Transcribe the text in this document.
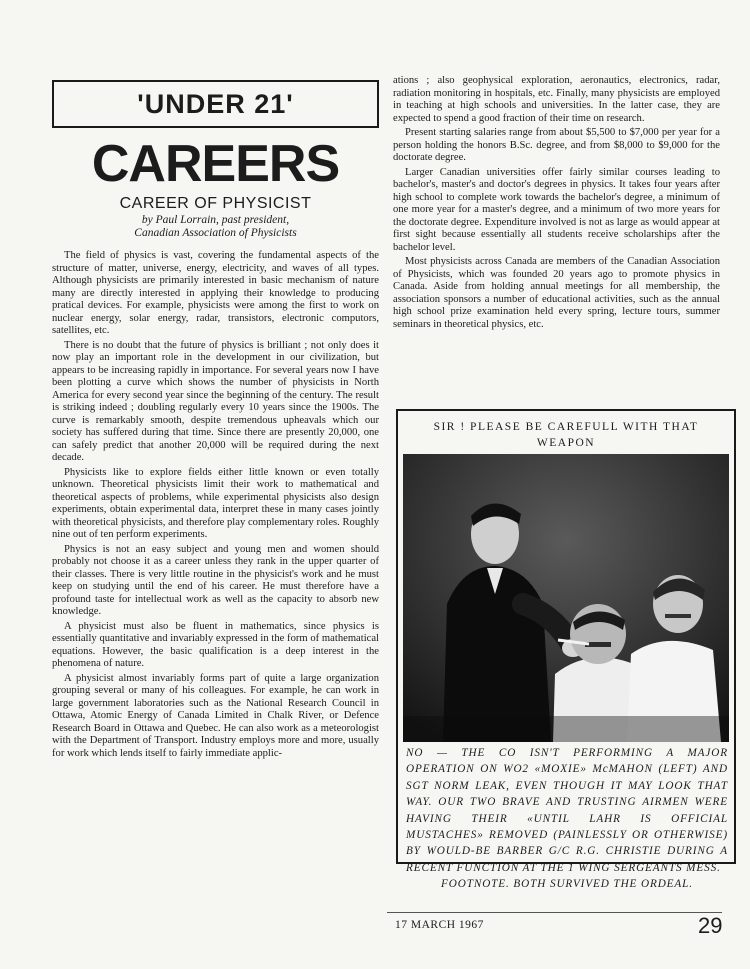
'UNDER 21'
CAREERS
CAREER OF PHYSICIST
by Paul Lorrain, past president,
Canadian Association of Physicists

The field of physics is vast, covering the fundamental aspects of the structure of matter, universe, energy, electricity, and waves of all types. Although physicists are primarily interested in basic mechanism of nature many are directly interested in applying their knowledge to producing pratical devices. For example, physicists were among the first to work on nuclear energy, solar energy, radar, transistors, electronic computors, satellites, etc.

There is no doubt that the future of physics is brilliant ; not only does it now play an important role in the development in our civilization, but appears to be increasing rapidly in importance. For several years now I have been plotting a curve which shows the number of physicists in North America for every second year since the beginning of the century. The result is striking indeed ; doubling regularly every 10 years since the 1900s. The curve is remarkably smooth, despite tremendous upheavals which our society has suffered during that time. Since there are presently 20,000, one can safely predict that another 20,000 will be required during the next decade.

Physicists like to explore fields either little known or even totally unknown. Theoretical physicists limit their work to mathematical and theoretical aspects of problems, while experimental physicists also design experiments, obtain experimental data, interpret these in many cases jointly with theoretical physicists, and therefore play complementary roles. Roughly nine out of ten perform experiments.

Physics is not an easy subject and young men and women should probably not choose it as a career unless they rank in the upper quarter of their classes. There is very little routine in the physicist's work and he must keep on studying until the end of his career. He must therefore have a profound taste for intellectual work as well as the capacity to absorb new knowledge.

A physicist must also be fluent in mathematics, since physics is essentially quantitative and invariably expressed in the form of mathematical equations. However, the basic qualification is a deep interest in the phenomena of nature.

A physicist almost invariably forms part of quite a large organization grouping several or many of his colleagues. For example, he can work in large government laboratories such as the National Research Council in Ottawa, Atomic Energy of Canada Limited in Chalk River, or Defence Research Board in Ottawa and Quebec. He can also work as a meteorologist with the Department of Transport. Industry employs more and more, usually for work which lends itself to fairly immediate applic-

ations ; also geophysical exploration, aeronautics, electronics, radar, radiation monitoring in hospitals, etc. Finally, many physicists are employed in teaching at high schools and universities. In the latter case, they are expected to spend a good fraction of their time on research.

Present starting salaries range from about $5,500 to $7,000 per year for a person holding the honors B.Sc. degree, and from $8,000 to $9,000 for the doctorate degree.

Larger Canadian universities offer fairly similar courses leading to bachelor's, master's and doctor's degrees in physics. It takes four years after high school to complete work towards the bachelor's degree, a minimum of one more year for a master's degree, and a minimum of two more years for the doctorate degree. Expenditure involved is not as large as would appear at first sight because essentially all students receive scholarships after the bachelor level.

Most physicists across Canada are members of the Canadian Association of Physicists, which was founded 20 years ago to promote physics in Canada. Aside from holding annual meetings for all membership, the association sponsors a number of educational activities, such as the annual high school prize examination held every spring, lecture tours, summer seminars in theoretical physics, etc.

SIR ! PLEASE BE CAREFULL WITH THAT WEAPON
NO — THE CO ISN'T PERFORMING A MAJOR OPERATION ON WO2 «MOXIE» McMAHON (LEFT) AND SGT NORM LEAK, EVEN THOUGH IT MAY LOOK THAT WAY. OUR TWO BRAVE AND TRUSTING AIRMEN WERE HAVING THEIR «UNTIL LAHR IS OFFICIAL MUSTACHES» REMOVED (PAINLESSLY OR OTHERWISE) BY WOULD-BE BARBER G/C R.G. CHRISTIE DURING A RECENT FUNCTION AT THE 1 WING SERGEANTS MESS.
FOOTNOTE. BOTH SURVIVED THE ORDEAL.
17 MARCH 1967	29
